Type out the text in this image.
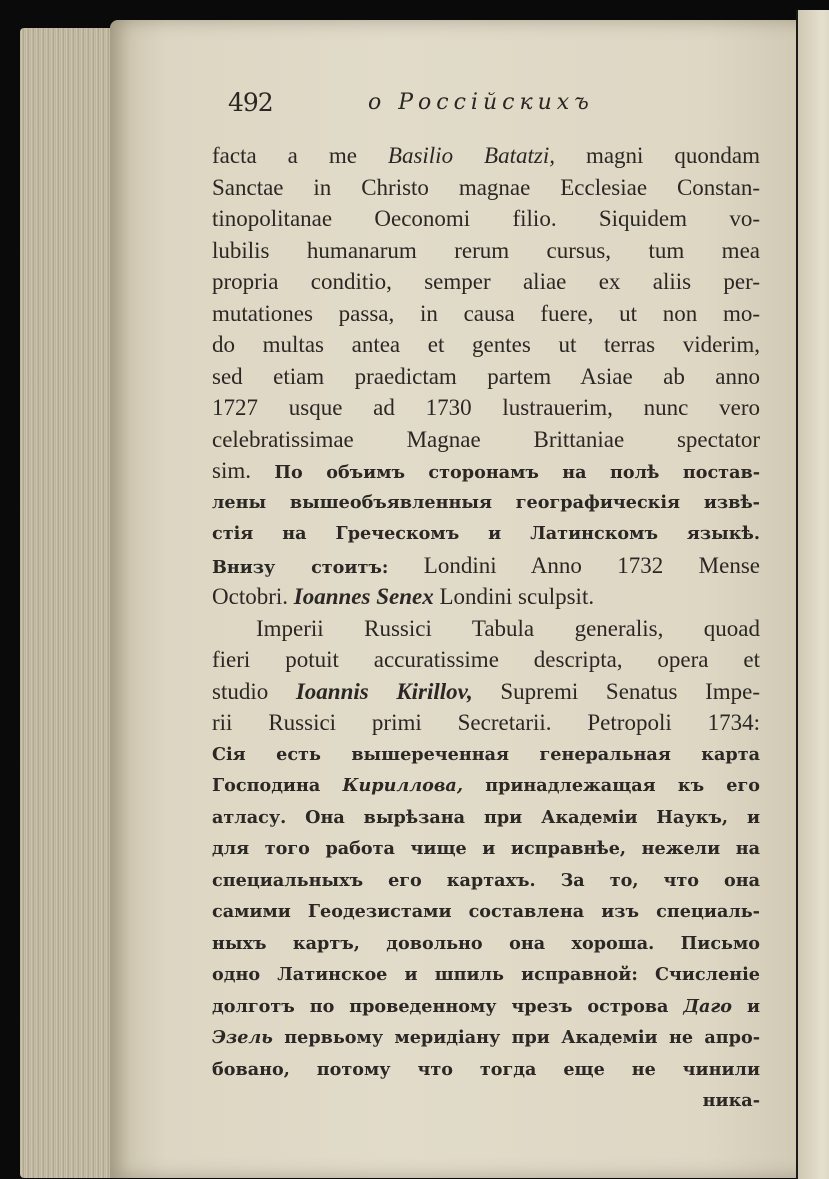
492	о Россійскихъ
facta a me Basilio Batatzi, magni quondam
Sanctae in Christo magnae Ecclesiae Constan-
tinopolitanae Oeconomi filio. Siquidem vo-
lubilis humanarum rerum cursus, tum mea
propria conditio, semper aliae ex aliis per-
mutationes passa, in causa fuere, ut non mo-
do multas antea et gentes ut terras viderim,
sed etiam praedictam partem Asiae ab anno
1727 usque ad 1730 lustrauerim, nunc vero
celebratissimae Magnae Brittaniae spectator
sim. По объимъ сторонамъ на полѣ постав-
лены вышеобъявленныя географическія извѣ-
стія на Греческомъ и Латинскомъ языкѣ.
Внизу стоитъ: Londini Anno 1732 Mense
Octobri. Ioannes Senex Londini sculpsit.
Imperii Russici Tabula generalis, quoad
fieri potuit accuratissime descripta, opera et
studio Ioannis Kirillov, Supremi Senatus Impe-
rii Russici primi Secretarii. Petropoli 1734:
Сія есть вышереченная генеральная карта
Господина Кириллова, принадлежащая къ его
атласу. Она вырѣзана при Академіи Наукъ, и
для того работа чище и исправнѣе, нежели на
специальныхъ его картахъ. За то, что она
самими Геодезистами составлена изъ специаль-
ныхъ картъ, довольно она хороша. Письмо
одно Латинское и шпиль исправной: Счисленіе
долготъ по проведенному чрезъ острова Даго и
Эзель первьому меридіану при Академіи не апро-
бовано, потому что тогда еще не чинили
ника-
